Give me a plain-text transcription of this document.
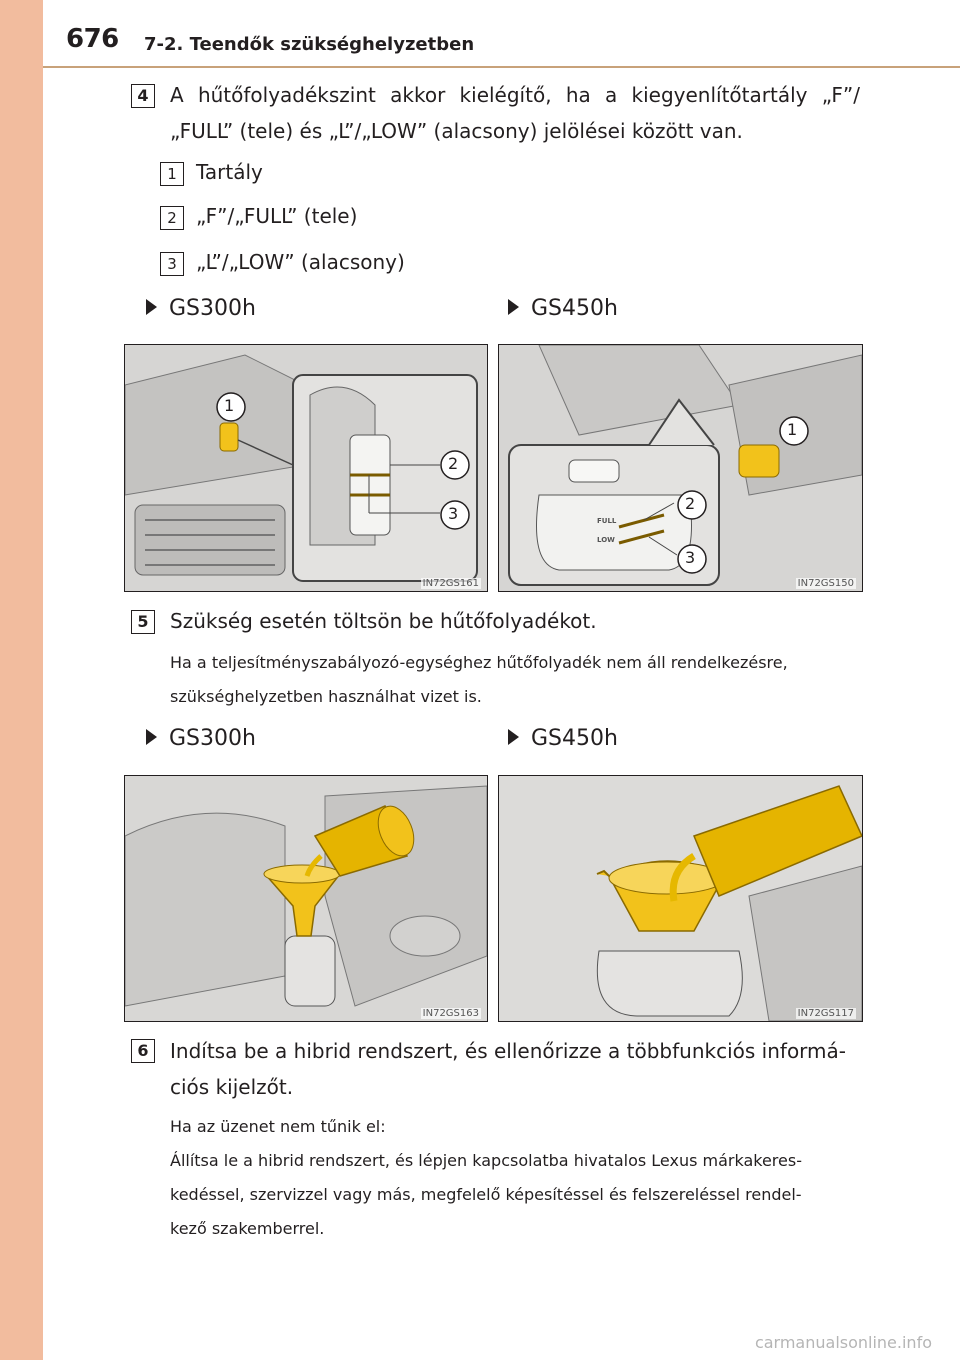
676 7-2. Teendők szükséghelyzetben
4	A hűtőfolyadékszint akkor kielégítő, ha a kiegyenlítőtartály „F”/
„FULL” (tele) és „L”/„LOW” (alacsony) jelölései között van.
1 Tartály
2 „F”/„FULL” (tele)
3 „L”/„LOW” (alacsony)
GS300h	GS450h
1
2
3
IN72GS161
FULL
LOW
1
2
3
IN72GS150
5	Szükség esetén töltsön be hűtőfolyadékot.
Ha a teljesítményszabályozó-egységhez hűtőfolyadék nem áll rendelkezésre,
szükséghelyzetben használhat vizet is.
GS300h	GS450h
IN72GS163	IN72GS117
6	Indítsa be a hibrid rendszert, és ellenőrizze a többfunkciós informá-
ciós kijelzőt.
Ha az üzenet nem tűnik el:
Állítsa le a hibrid rendszert, és lépjen kapcsolatba hivatalos Lexus márkakeres-
kedéssel, szervizzel vagy más, megfelelő képesítéssel és felszereléssel rendel-
kező szakemberrel.
carmanualsonline.info
